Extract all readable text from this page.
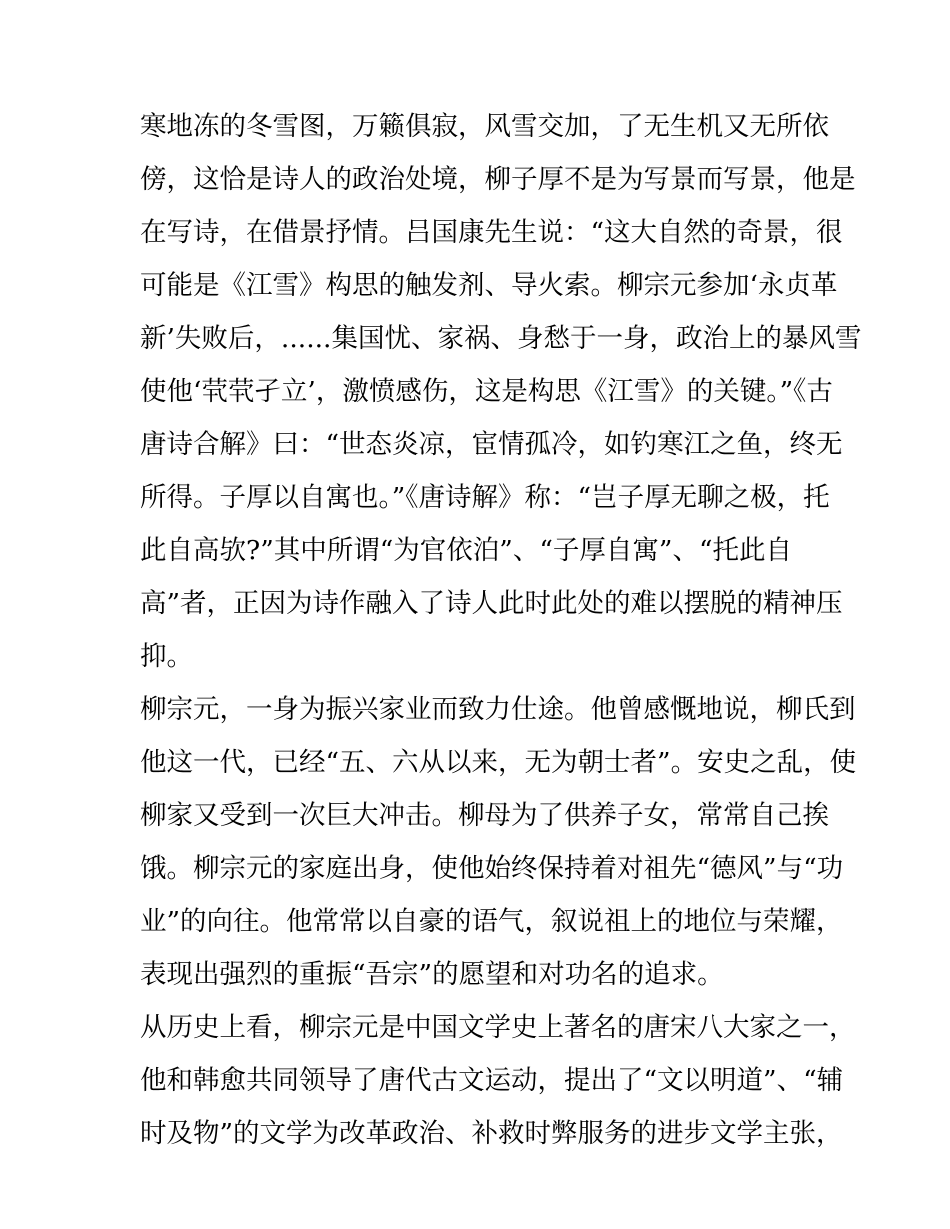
寒地冻的冬雪图，万籁俱寂，风雪交加，了无生机又无所依

傍，这恰是诗人的政治处境，柳子厚不是为写景而写景，他是

在写诗，在借景抒情。吕国康先生说：“这大自然的奇景，很

可能是《江雪》构思的触发剂、导火索。柳宗元参加‘永贞革

新’失败后，......集国忧、家祸、身愁于一身，政治上的暴风雪

使他‘茕茕孑立’，激愤感伤，这是构思《江雪》的关键。”《古

唐诗合解》曰：“世态炎凉，宦情孤冷，如钓寒江之鱼，终无

所得。子厚以自寓也。”《唐诗解》称：“岂子厚无聊之极，托

此自高欤?”其中所谓“为官依泊”、“子厚自寓”、“托此自

高”者，正因为诗作融入了诗人此时此处的难以摆脱的精神压

抑。

柳宗元，一身为振兴家业而致力仕途。他曾感慨地说，柳氏到

他这一代，已经“五、六从以来，无为朝士者”。安史之乱，使

柳家又受到一次巨大冲击。柳母为了供养子女，常常自己挨

饿。柳宗元的家庭出身，使他始终保持着对祖先“德风”与“功

业”的向往。他常常以自豪的语气，叙说祖上的地位与荣耀，

表现出强烈的重振“吾宗”的愿望和对功名的追求。

从历史上看，柳宗元是中国文学史上著名的唐宋八大家之一，

他和韩愈共同领导了唐代古文运动，提出了“文以明道”、“辅

时及物”的文学为改革政治、补救时弊服务的进步文学主张，
